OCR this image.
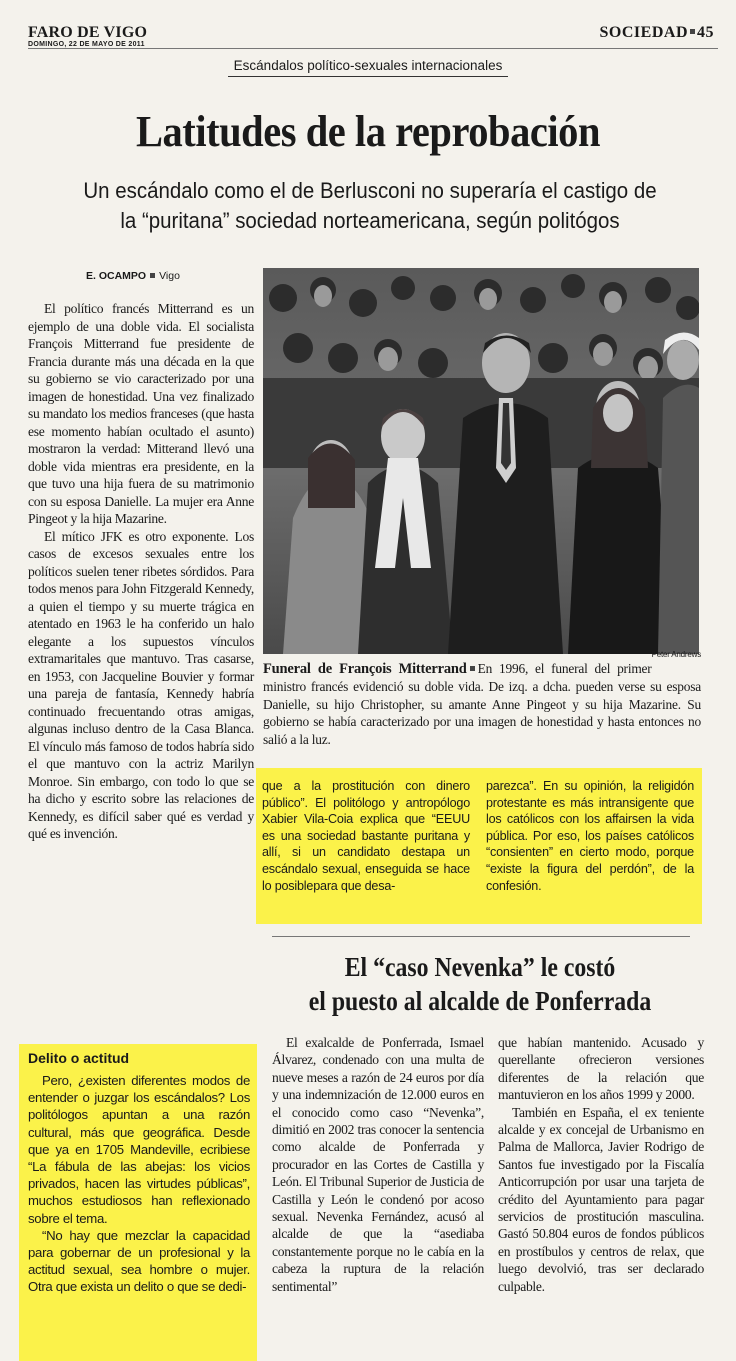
FARO DE VIGO
DOMINGO, 22 DE MAYO DE 2011
SOCIEDAD 45
Escándalos político-sexuales internacionales
Latitudes de la reprobación
Un escándalo como el de Berlusconi no superaría el castigo de la “puritana” sociedad norteamericana, según politógos
E. OCAMPO Vigo

El político francés Mitterrand es un ejemplo de una doble vida. El socialista François Mitterrand fue presidente de Francia durante más una década en la que su gobierno se vio caracterizado por una imagen de honestidad. Una vez finalizado su mandato los medios franceses (que hasta ese momento habían ocultado el asunto) mostraron la verdad: Mitterand llevó una doble vida mientras era presidente, en la que tuvo una hija fuera de su matrimonio con su esposa Danielle. La mujer era Anne Pingeot y la hija Mazarine.

El mítico JFK es otro exponente. Los casos de excesos sexuales entre los políticos suelen tener ribetes sórdidos. Para todos menos para John Fitzgerald Kennedy, a quien el tiempo y su muerte trágica en atentado en 1963 le ha conferido un halo elegante a los supuestos vínculos extramaritales que mantuvo. Tras casarse, en 1953, con Jacqueline Bouvier y formar una pareja de fantasía, Kennedy habría continuado frecuentando otras amigas, algunas incluso dentro de la Casa Blanca. El vínculo más famoso de todos habría sido el que mantuvo con la actriz Marilyn Monroe. Sin embargo, con todo lo que se ha dicho y escrito sobre las relaciones de Kennedy, es difícil saber qué es verdad y qué es invención.

Peter Andrews
Funeral de François Mitterrand En 1996, el funeral del primer ministro francés evidenció su doble vida. De izq. a dcha. pueden verse su esposa Danielle, su hijo Christopher, su amante Anne Pingeot y su hija Mazarine. Su gobierno se había caracterizado por una imagen de honestidad y hasta entonces no salió a la luz.
que a la prostitución con dinero público”. El politólogo y antropólogo Xabier Vila-Coia explica que “EEUU es una sociedad bastante puritana y allí, si un candidato destapa un escándalo sexual, enseguida se hace lo posiblepara que desa-
parezca”. En su opinión, la religidón protestante es más intransigente que los católicos con los affairsen la vida pública. Por eso, los países católicos “consienten” en cierto modo, porque “existe la figura del perdón”, de la confesión.
El “caso Nevenka” le costó
el puesto al alcalde de Ponferrada

El exalcalde de Ponferrada, Ismael Álvarez, condenado con una multa de nueve meses a razón de 24 euros por día y una indemnización de 12.000 euros en el conocido como caso “Nevenka”, dimitió en 2002 tras conocer la sentencia como alcalde de Ponferrada y procurador en las Cortes de Castilla y León. El Tribunal Superior de Justicia de Castilla y León le condenó por acoso sexual. Nevenka Fernández, acusó al alcalde de que la “asediaba constantemente porque no le cabía en la cabeza la ruptura de la relación sentimental”

que habían mantenido. Acusado y querellante ofrecieron versiones diferentes de la relación que mantuvieron en los años 1999 y 2000.

También en España, el ex teniente alcalde y ex concejal de Urbanismo en Palma de Mallorca, Javier Rodrigo de Santos fue investigado por la Fiscalía Anticorrupción por usar una tarjeta de crédito del Ayuntamiento para pagar servicios de prostitución masculina. Gastó 50.804 euros de fondos públicos en prostíbulos y centros de relax, que luego devolvió, tras ser declarado culpable.

Delito o actitud

Pero, ¿existen diferentes modos de entender o juzgar los escándalos? Los politólogos apuntan a una razón cultural, más que geográfica. Desde que ya en 1705 Mandeville, ecribiese “La fábula de las abejas: los vicios privados, hacen las virtudes públicas”, muchos estudiosos han reflexionado sobre el tema.

“No hay que mezclar la capacidad para gobernar de un profesional y la actitud sexual, sea hombre o mujer. Otra que exista un delito o que se dedi-
